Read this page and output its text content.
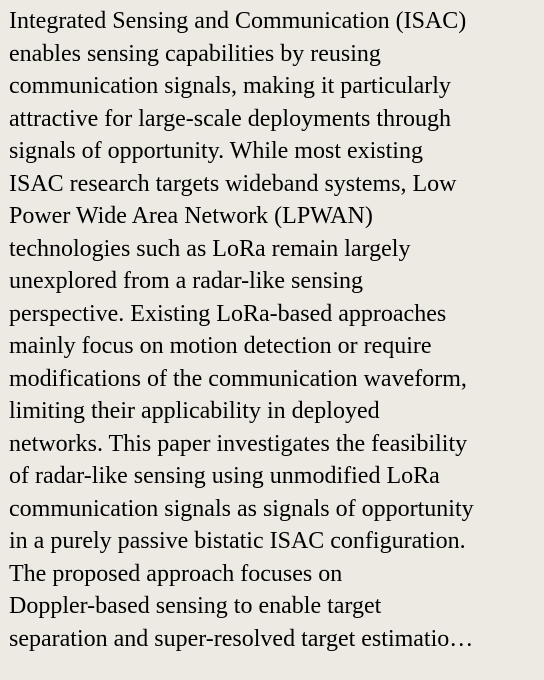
Integrated Sensing and Communication (ISAC)
enables sensing capabilities by reusing
communication signals, making it particularly
attractive for large-scale deployments through
signals of opportunity. While most existing
ISAC research targets wideband systems, Low
Power Wide Area Network (LPWAN)
technologies such as LoRa remain largely
unexplored from a radar-like sensing
perspective. Existing LoRa-based approaches
mainly focus on motion detection or require
modifications of the communication waveform,
limiting their applicability in deployed
networks. This paper investigates the feasibility
of radar-like sensing using unmodified LoRa
communication signals as signals of opportunity
in a purely passive bistatic ISAC configuration.
The proposed approach focuses on
Doppler-based sensing to enable target
separation and super-resolved target estimatio…
